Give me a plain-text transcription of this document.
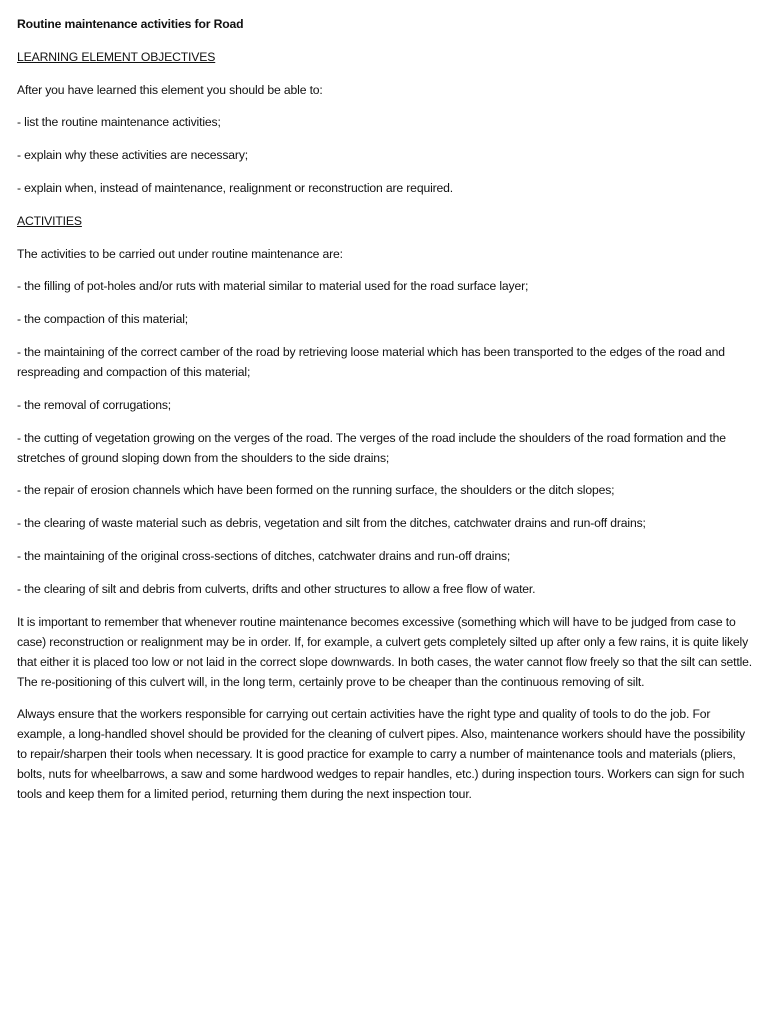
Routine maintenance activities for Road

LEARNING ELEMENT OBJECTIVES

After you have learned this element you should be able to:

- list the routine maintenance activities;

- explain why these activities are necessary;

- explain when, instead of maintenance, realignment or reconstruction are required.

ACTIVITIES

The activities to be carried out under routine maintenance are:

- the filling of pot-holes and/or ruts with material similar to material used for the road surface layer;

- the compaction of this material;

- the maintaining of the correct camber of the road by retrieving loose material which has been transported to the edges of the road and respreading and compaction of this material;

- the removal of corrugations;

- the cutting of vegetation growing on the verges of the road. The verges of the road include the shoulders of the road formation and the stretches of ground sloping down from the shoulders to the side drains;

- the repair of erosion channels which have been formed on the running surface, the shoulders or the ditch slopes;

- the clearing of waste material such as debris, vegetation and silt from the ditches, catchwater drains and run-off drains;

- the maintaining of the original cross-sections of ditches, catchwater drains and run-off drains;

- the clearing of silt and debris from culverts, drifts and other structures to allow a free flow of water.

It is important to remember that whenever routine maintenance becomes excessive (something which will have to be judged from case to case) reconstruction or realignment may be in order. If, for example, a culvert gets completely silted up after only a few rains, it is quite likely that either it is placed too low or not laid in the correct slope downwards. In both cases, the water cannot flow freely so that the silt can settle. The re-positioning of this culvert will, in the long term, certainly prove to be cheaper than the continuous removing of silt.

Always ensure that the workers responsible for carrying out certain activities have the right type and quality of tools to do the job. For example, a long-handled shovel should be provided for the cleaning of culvert pipes. Also, maintenance workers should have the possibility to repair/sharpen their tools when necessary. It is good practice for example to carry a number of maintenance tools and materials (pliers, bolts, nuts for wheelbarrows, a saw and some hardwood wedges to repair handles, etc.) during inspection tours. Workers can sign for such tools and keep them for a limited period, returning them during the next inspection tour.
